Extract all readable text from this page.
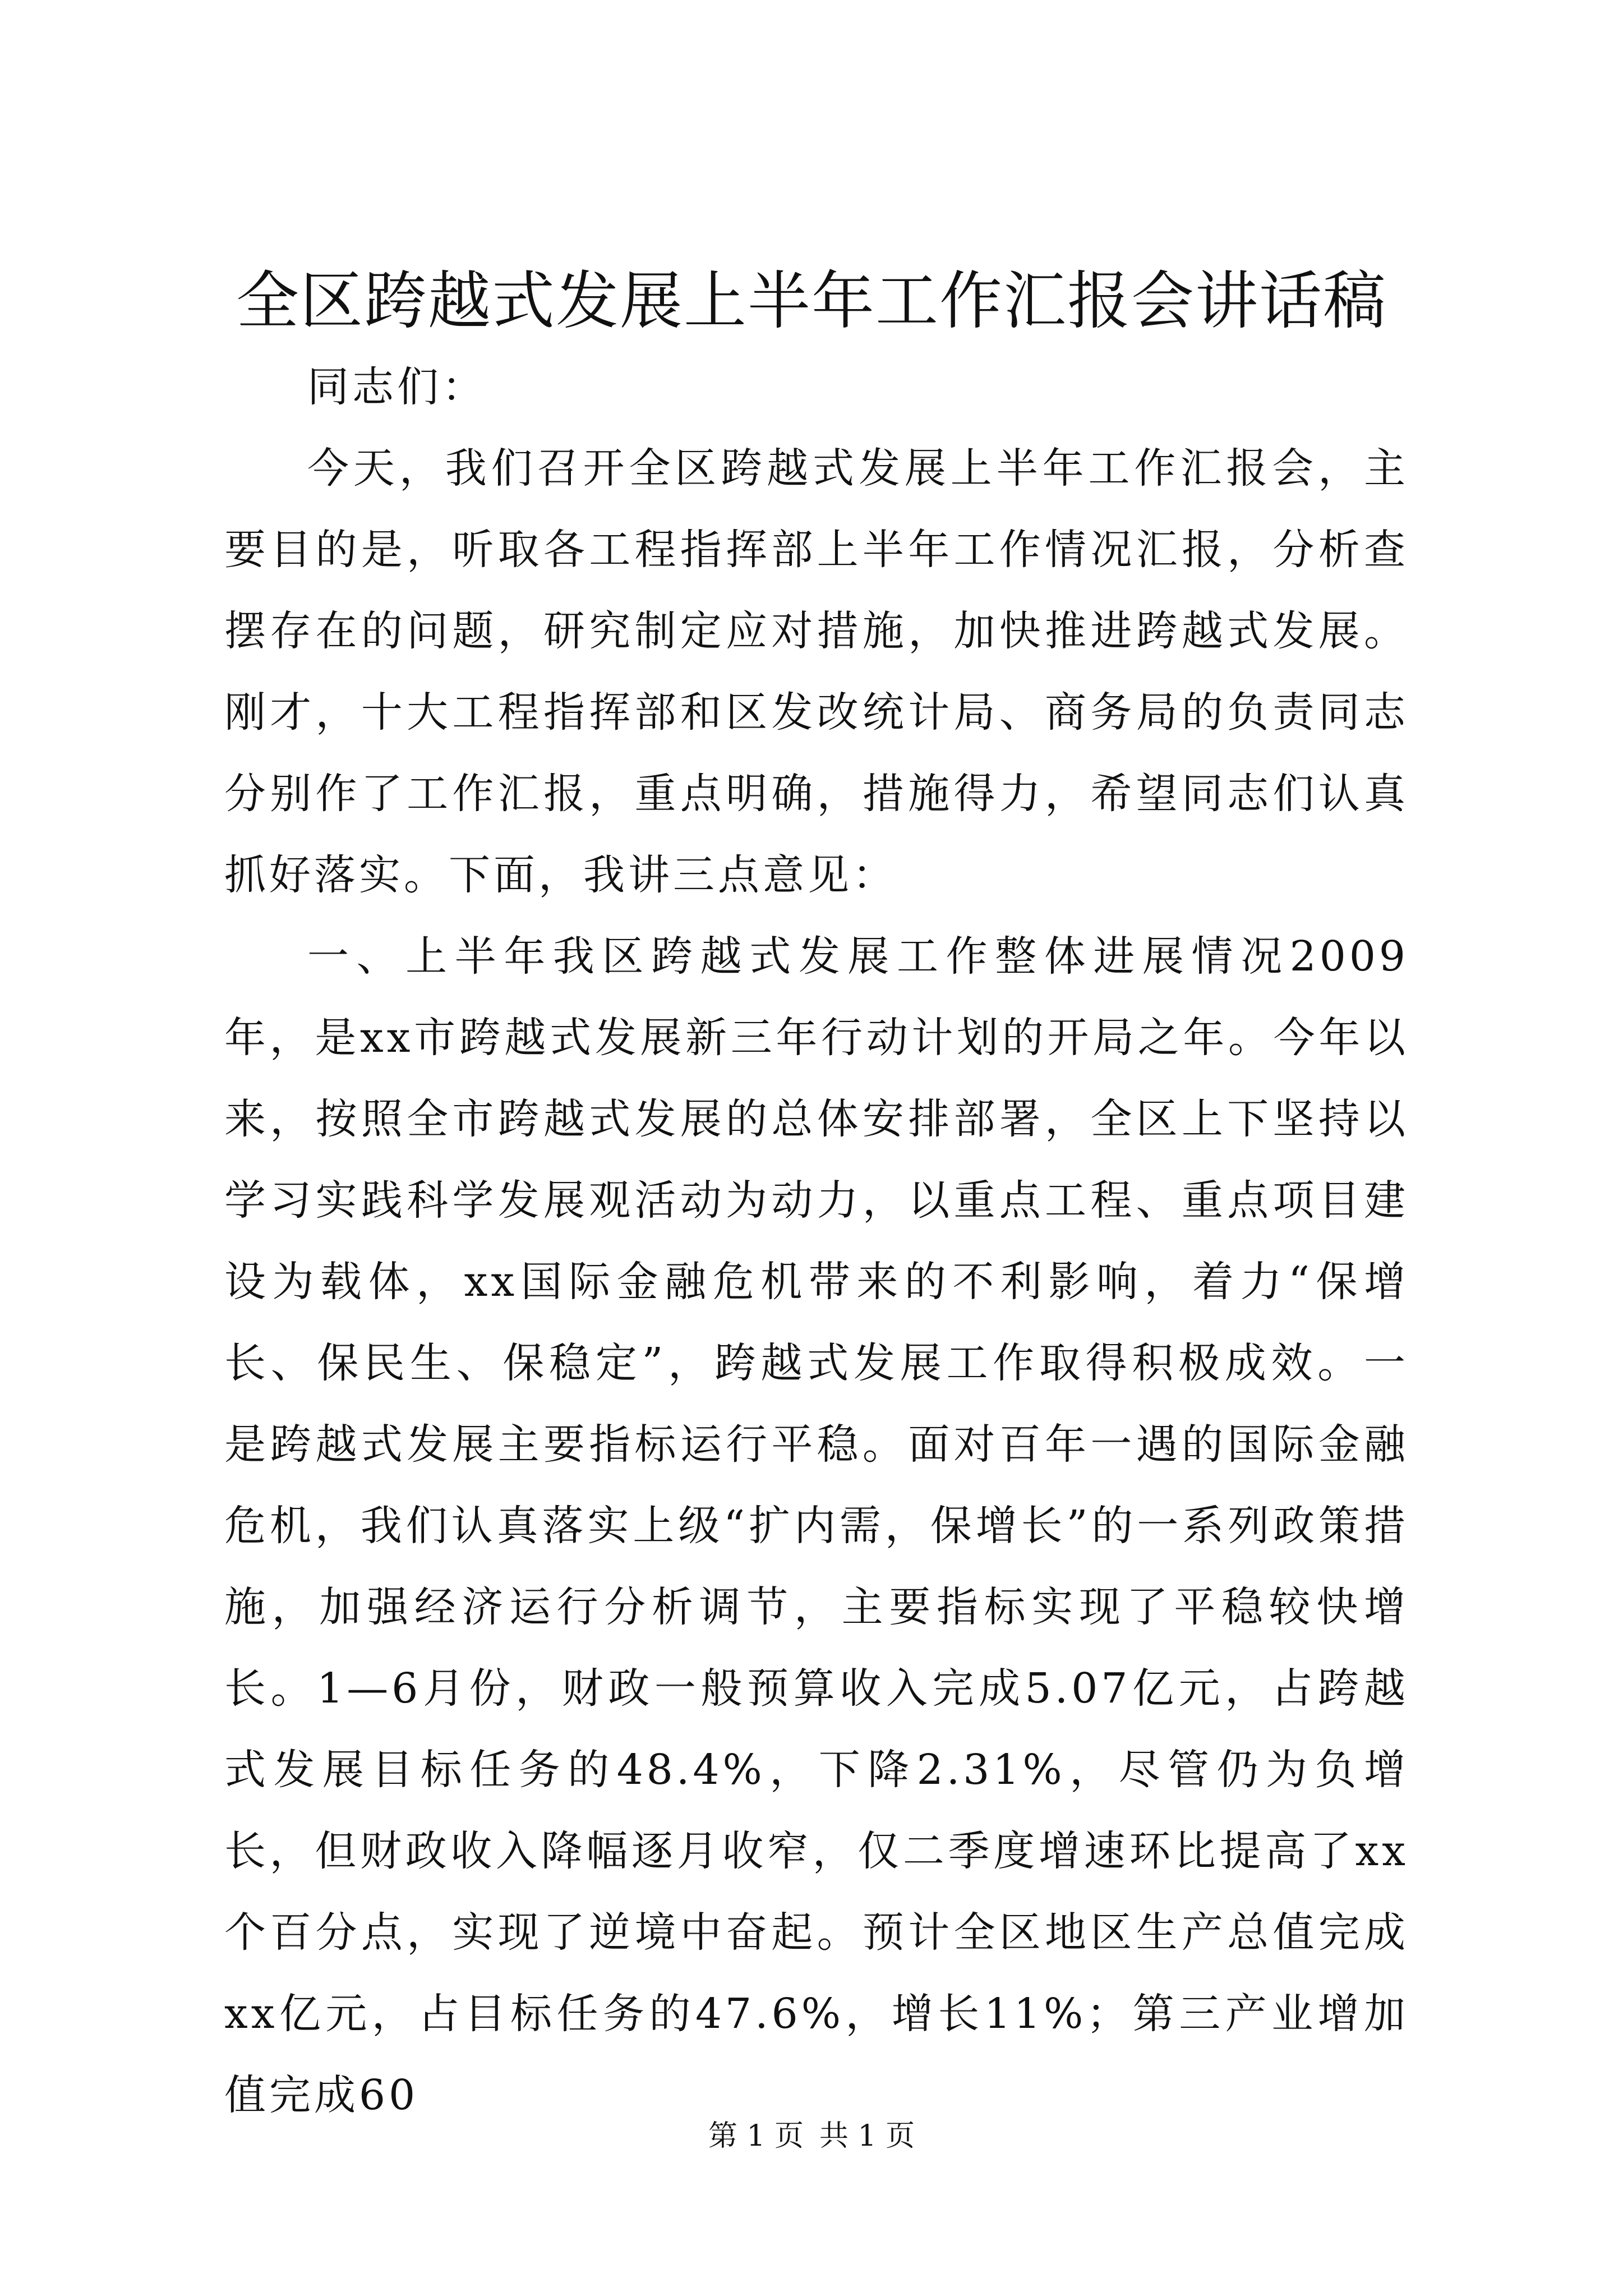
全区跨越式发展上半年工作汇报会讲话稿

同志们：

今天，我们召开全区跨越式发展上半年工作汇报会，主要目的是，听取各工程指挥部上半年工作情况汇报，分析查摆存在的问题，研究制定应对措施，加快推进跨越式发展。刚才，十大工程指挥部和区发改统计局、商务局的负责同志分别作了工作汇报，重点明确，措施得力，希望同志们认真抓好落实。下面，我讲三点意见：

一、上半年我区跨越式发展工作整体进展情况2009年，是xx市跨越式发展新三年行动计划的开局之年。今年以来，按照全市跨越式发展的总体安排部署，全区上下坚持以学习实践科学发展观活动为动力，以重点工程、重点项目建设为载体，xx国际金融危机带来的不利影响，着力“保增长、保民生、保稳定”，跨越式发展工作取得积极成效。一是跨越式发展主要指标运行平稳。面对百年一遇的国际金融危机，我们认真落实上级“扩内需，保增长”的一系列政策措施，加强经济运行分析调节，主要指标实现了平稳较快增长。1—6月份，财政一般预算收入完成5.07亿元，占跨越式发展目标任务的48.4%，下降2.31%，尽管仍为负增长，但财政收入降幅逐月收窄，仅二季度增速环比提高了xx个百分点，实现了逆境中奋起。预计全区地区生产总值完成xx亿元，占目标任务的47.6%，增长11%；第三产业增加值完成60

第 1 页 共 1 页
